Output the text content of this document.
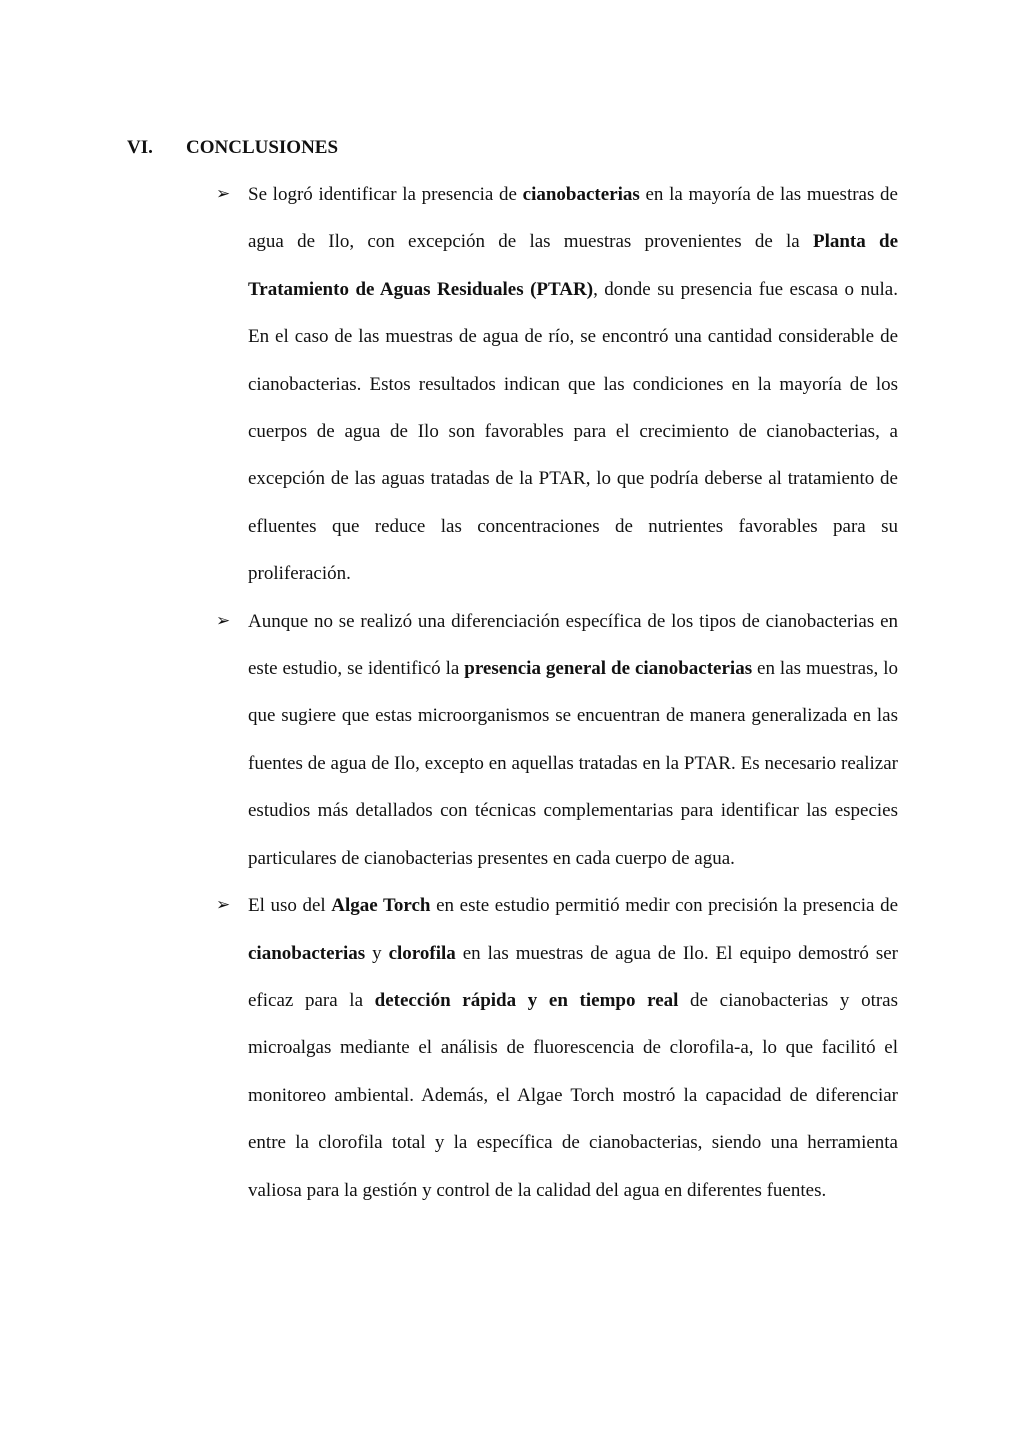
VI. CONCLUSIONES
➢ Se logró identificar la presencia de cianobacterias en la mayoría de las muestras de agua de Ilo, con excepción de las muestras provenientes de la Planta de Tratamiento de Aguas Residuales (PTAR), donde su presencia fue escasa o nula. En el caso de las muestras de agua de río, se encontró una cantidad considerable de cianobacterias. Estos resultados indican que las condiciones en la mayoría de los cuerpos de agua de Ilo son favorables para el crecimiento de cianobacterias, a excepción de las aguas tratadas de la PTAR, lo que podría deberse al tratamiento de efluentes que reduce las concentraciones de nutrientes favorables para su proliferación.

➢ Aunque no se realizó una diferenciación específica de los tipos de cianobacterias en este estudio, se identificó la presencia general de cianobacterias en las muestras, lo que sugiere que estas microorganismos se encuentran de manera generalizada en las fuentes de agua de Ilo, excepto en aquellas tratadas en la PTAR. Es necesario realizar estudios más detallados con técnicas complementarias para identificar las especies particulares de cianobacterias presentes en cada cuerpo de agua.

➢ El uso del Algae Torch en este estudio permitió medir con precisión la presencia de cianobacterias y clorofila en las muestras de agua de Ilo. El equipo demostró ser eficaz para la detección rápida y en tiempo real de cianobacterias y otras microalgas mediante el análisis de fluorescencia de clorofila-a, lo que facilitó el monitoreo ambiental. Además, el Algae Torch mostró la capacidad de diferenciar entre la clorofila total y la específica de cianobacterias, siendo una herramienta valiosa para la gestión y control de la calidad del agua en diferentes fuentes.
